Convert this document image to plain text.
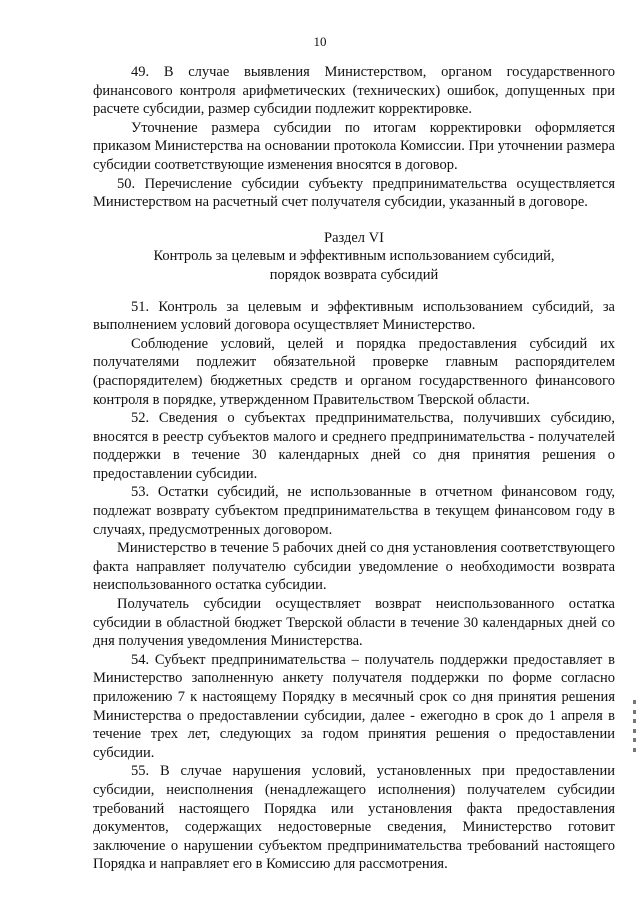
10

49. В случае выявления Министерством, органом государственного финансового контроля арифметических (технических) ошибок, допущенных при расчете субсидии, размер субсидии подлежит корректировке.

Уточнение размера субсидии по итогам корректировки оформляется приказом Министерства на основании протокола Комиссии. При уточнении размера субсидии соответствующие изменения вносятся в договор.

50. Перечисление субсидии субъекту предпринимательства осуществляется Министерством на расчетный счет получателя субсидии, указанный в договоре.

Раздел VI

Контроль за целевым и эффективным использованием субсидий,

порядок возврата субсидий

51. Контроль за целевым и эффективным использованием субсидий, за выполнением условий договора осуществляет Министерство.

Соблюдение условий, целей и порядка предоставления субсидий их получателями подлежит обязательной проверке главным распорядителем (распорядителем) бюджетных средств и органом государственного финансового контроля в порядке, утвержденном Правительством Тверской области.

52. Сведения о субъектах предпринимательства, получивших субсидию, вносятся в реестр субъектов малого и среднего предпринимательства - получателей поддержки в течение 30 календарных дней со дня принятия решения о предоставлении субсидии.

53. Остатки субсидий, не использованные в отчетном финансовом году, подлежат возврату субъектом предпринимательства в текущем финансовом году в случаях, предусмотренных договором.

Министерство в течение 5 рабочих дней со дня установления соответствующего факта направляет получателю субсидии уведомление о необходимости возврата неиспользованного остатка субсидии.

Получатель субсидии осуществляет возврат неиспользованного остатка субсидии в областной бюджет Тверской области в течение 30 календарных дней со дня получения уведомления Министерства.

54. Субъект предпринимательства – получатель поддержки предоставляет в Министерство заполненную анкету получателя поддержки по форме согласно приложению 7 к настоящему Порядку в месячный срок со дня принятия решения Министерства о предоставлении субсидии, далее - ежегодно в срок до 1 апреля в течение трех лет, следующих за годом принятия решения о предоставлении субсидии.

55. В случае нарушения условий, установленных при предоставлении субсидии, неисполнения (ненадлежащего исполнения) получателем субсидии требований настоящего Порядка или установления факта предоставления документов, содержащих недостоверные сведения, Министерство готовит заключение о нарушении субъектом предпринимательства требований настоящего Порядка и направляет его в Комиссию для рассмотрения.
